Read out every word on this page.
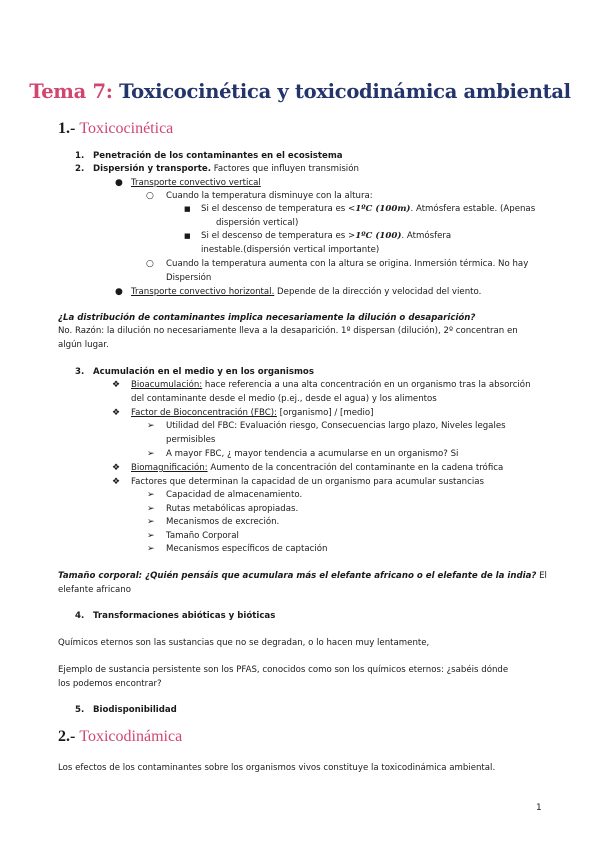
Tema 7: Toxicocinética y toxicodinámica ambiental
1.- Toxicocinética
1. Penetración de los contaminantes en el ecosistema
2. Dispersión y transporte. Factores que influyen transmisión
● Transporte convectivo vertical
○ Cuando la temperatura disminuye con la altura:
■ Si el descenso de temperatura es <1ºC (100m). Atmósfera estable. (Apenas
dispersión vertical)
■ Si el descenso de temperatura es >1ºC (100). Atmósfera
inestable.(dispersión vertical importante)
○ Cuando la temperatura aumenta con la altura se origina. Inmersión térmica. No hay
Dispersión
● Transporte convectivo horizontal. Depende de la dirección y velocidad del viento.
¿La distribución de contaminantes implica necesariamente la dilución o desaparición?
No. Razón: la dilución no necesariamente lleva a la desaparición. 1º dispersan (dilución), 2º concentran en
algún lugar.
3. Acumulación en el medio y en los organismos
❖ Bioacumulación: hace referencia a una alta concentración en un organismo tras la absorción
del contaminante desde el medio (p.ej., desde el agua) y los alimentos
❖ Factor de Bioconcentración (FBC): [organismo] / [medio]
➢ Utilidad del FBC: Evaluación riesgo, Consecuencias largo plazo, Niveles legales
permisibles
➢ A mayor FBC, ¿ mayor tendencia a acumularse en un organismo? Si
❖ Biomagnificación: Aumento de la concentración del contaminante en la cadena trófica
❖ Factores que determinan la capacidad de un organismo para acumular sustancias
➢ Capacidad de almacenamiento.
➢ Rutas metabólicas apropiadas.
➢ Mecanismos de excreción.
➢ Tamaño Corporal
➢ Mecanismos específicos de captación
Tamaño corporal: ¿Quién pensáis que acumulara más el elefante africano o el elefante de la india? El
elefante africano
4. Transformaciones abióticas y bióticas
Químicos eternos son las sustancias que no se degradan, o lo hacen muy lentamente,
Ejemplo de sustancia persistente son los PFAS, conocidos como son los químicos eternos: ¿sabéis dónde
los podemos encontrar?
5. Biodisponibilidad
2.- Toxicodinámica
Los efectos de los contaminantes sobre los organismos vivos constituye la toxicodinámica ambiental.
1
